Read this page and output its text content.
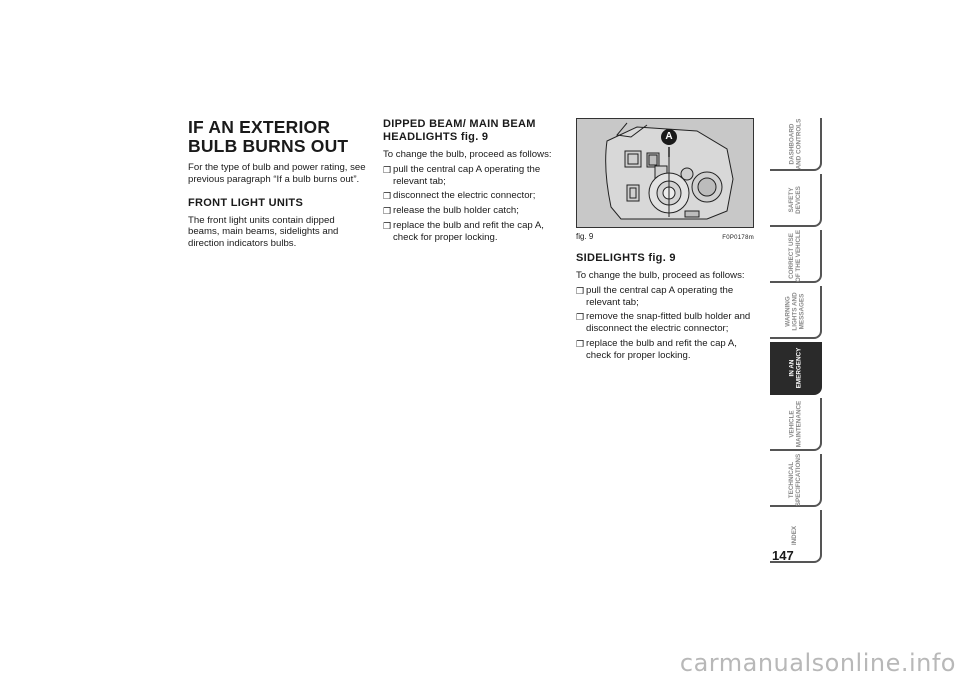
IF AN EXTERIOR BULB BURNS OUT

For the type of bulb and power rating, see previous paragraph “If a bulb burns out”.

FRONT LIGHT UNITS

The front light units contain dipped beams, main beams, sidelights and direction indicators bulbs.

DIPPED BEAM/ MAIN BEAM HEADLIGHTS fig. 9

To change the bulb, proceed as follows:

❒ pull the central cap A operating the relevant tab;
❒ disconnect the electric connector;
❒ release the bulb holder catch;
❒ replace the bulb and refit the cap A, check for proper locking.
A
fig. 9	F0P0178m
SIDELIGHTS fig. 9

To change the bulb, proceed as follows:

❒ pull the central cap A operating the relevant tab;
❒ remove the snap-fitted bulb holder and disconnect the electric connector;
❒ replace the bulb and refit the cap A, check for proper locking.
DASHBOARD
AND CONTROLS
SAFETY
DEVICES
CORRECT USE
OF THE VEHICLE
WARNING
LIGHTS AND
MESSAGES
IN AN
EMERGENCY
VEHICLE
MAINTENANCE
TECHNICAL
SPECIFICATIONS
INDEX
147
carmanualsonline.info
